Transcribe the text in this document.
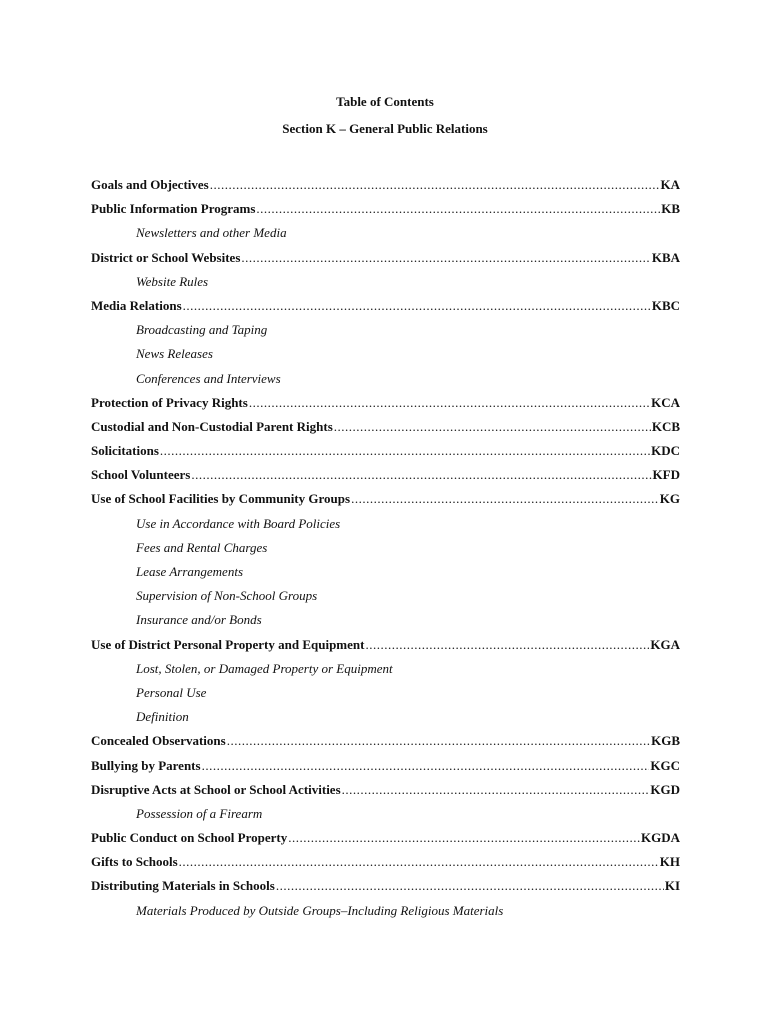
Table of Contents
Section K – General Public Relations
Goals and Objectives .....	KA
Public Information Programs .....	KB
Newsletters and other Media
District or School Websites .....	KBA
Website Rules
Media Relations .....	KBC
Broadcasting and Taping
News Releases
Conferences and Interviews
Protection of Privacy Rights .....	KCA
Custodial and Non-Custodial Parent Rights .....	KCB
Solicitations .....	KDC
School Volunteers .....	KFD
Use of School Facilities by Community Groups .....	KG
Use in Accordance with Board Policies
Fees and Rental Charges
Lease Arrangements
Supervision of Non-School Groups
Insurance and/or Bonds
Use of District Personal Property and Equipment .....	KGA
Lost, Stolen, or Damaged Property or Equipment
Personal Use
Definition
Concealed Observations .....	KGB
Bullying by Parents .....	KGC
Disruptive Acts at School or School Activities .....	KGD
Possession of a Firearm
Public Conduct on School Property .....	KGDA
Gifts to Schools .....	KH
Distributing Materials in Schools .....	KI
Materials Produced by Outside Groups–Including Religious Materials
